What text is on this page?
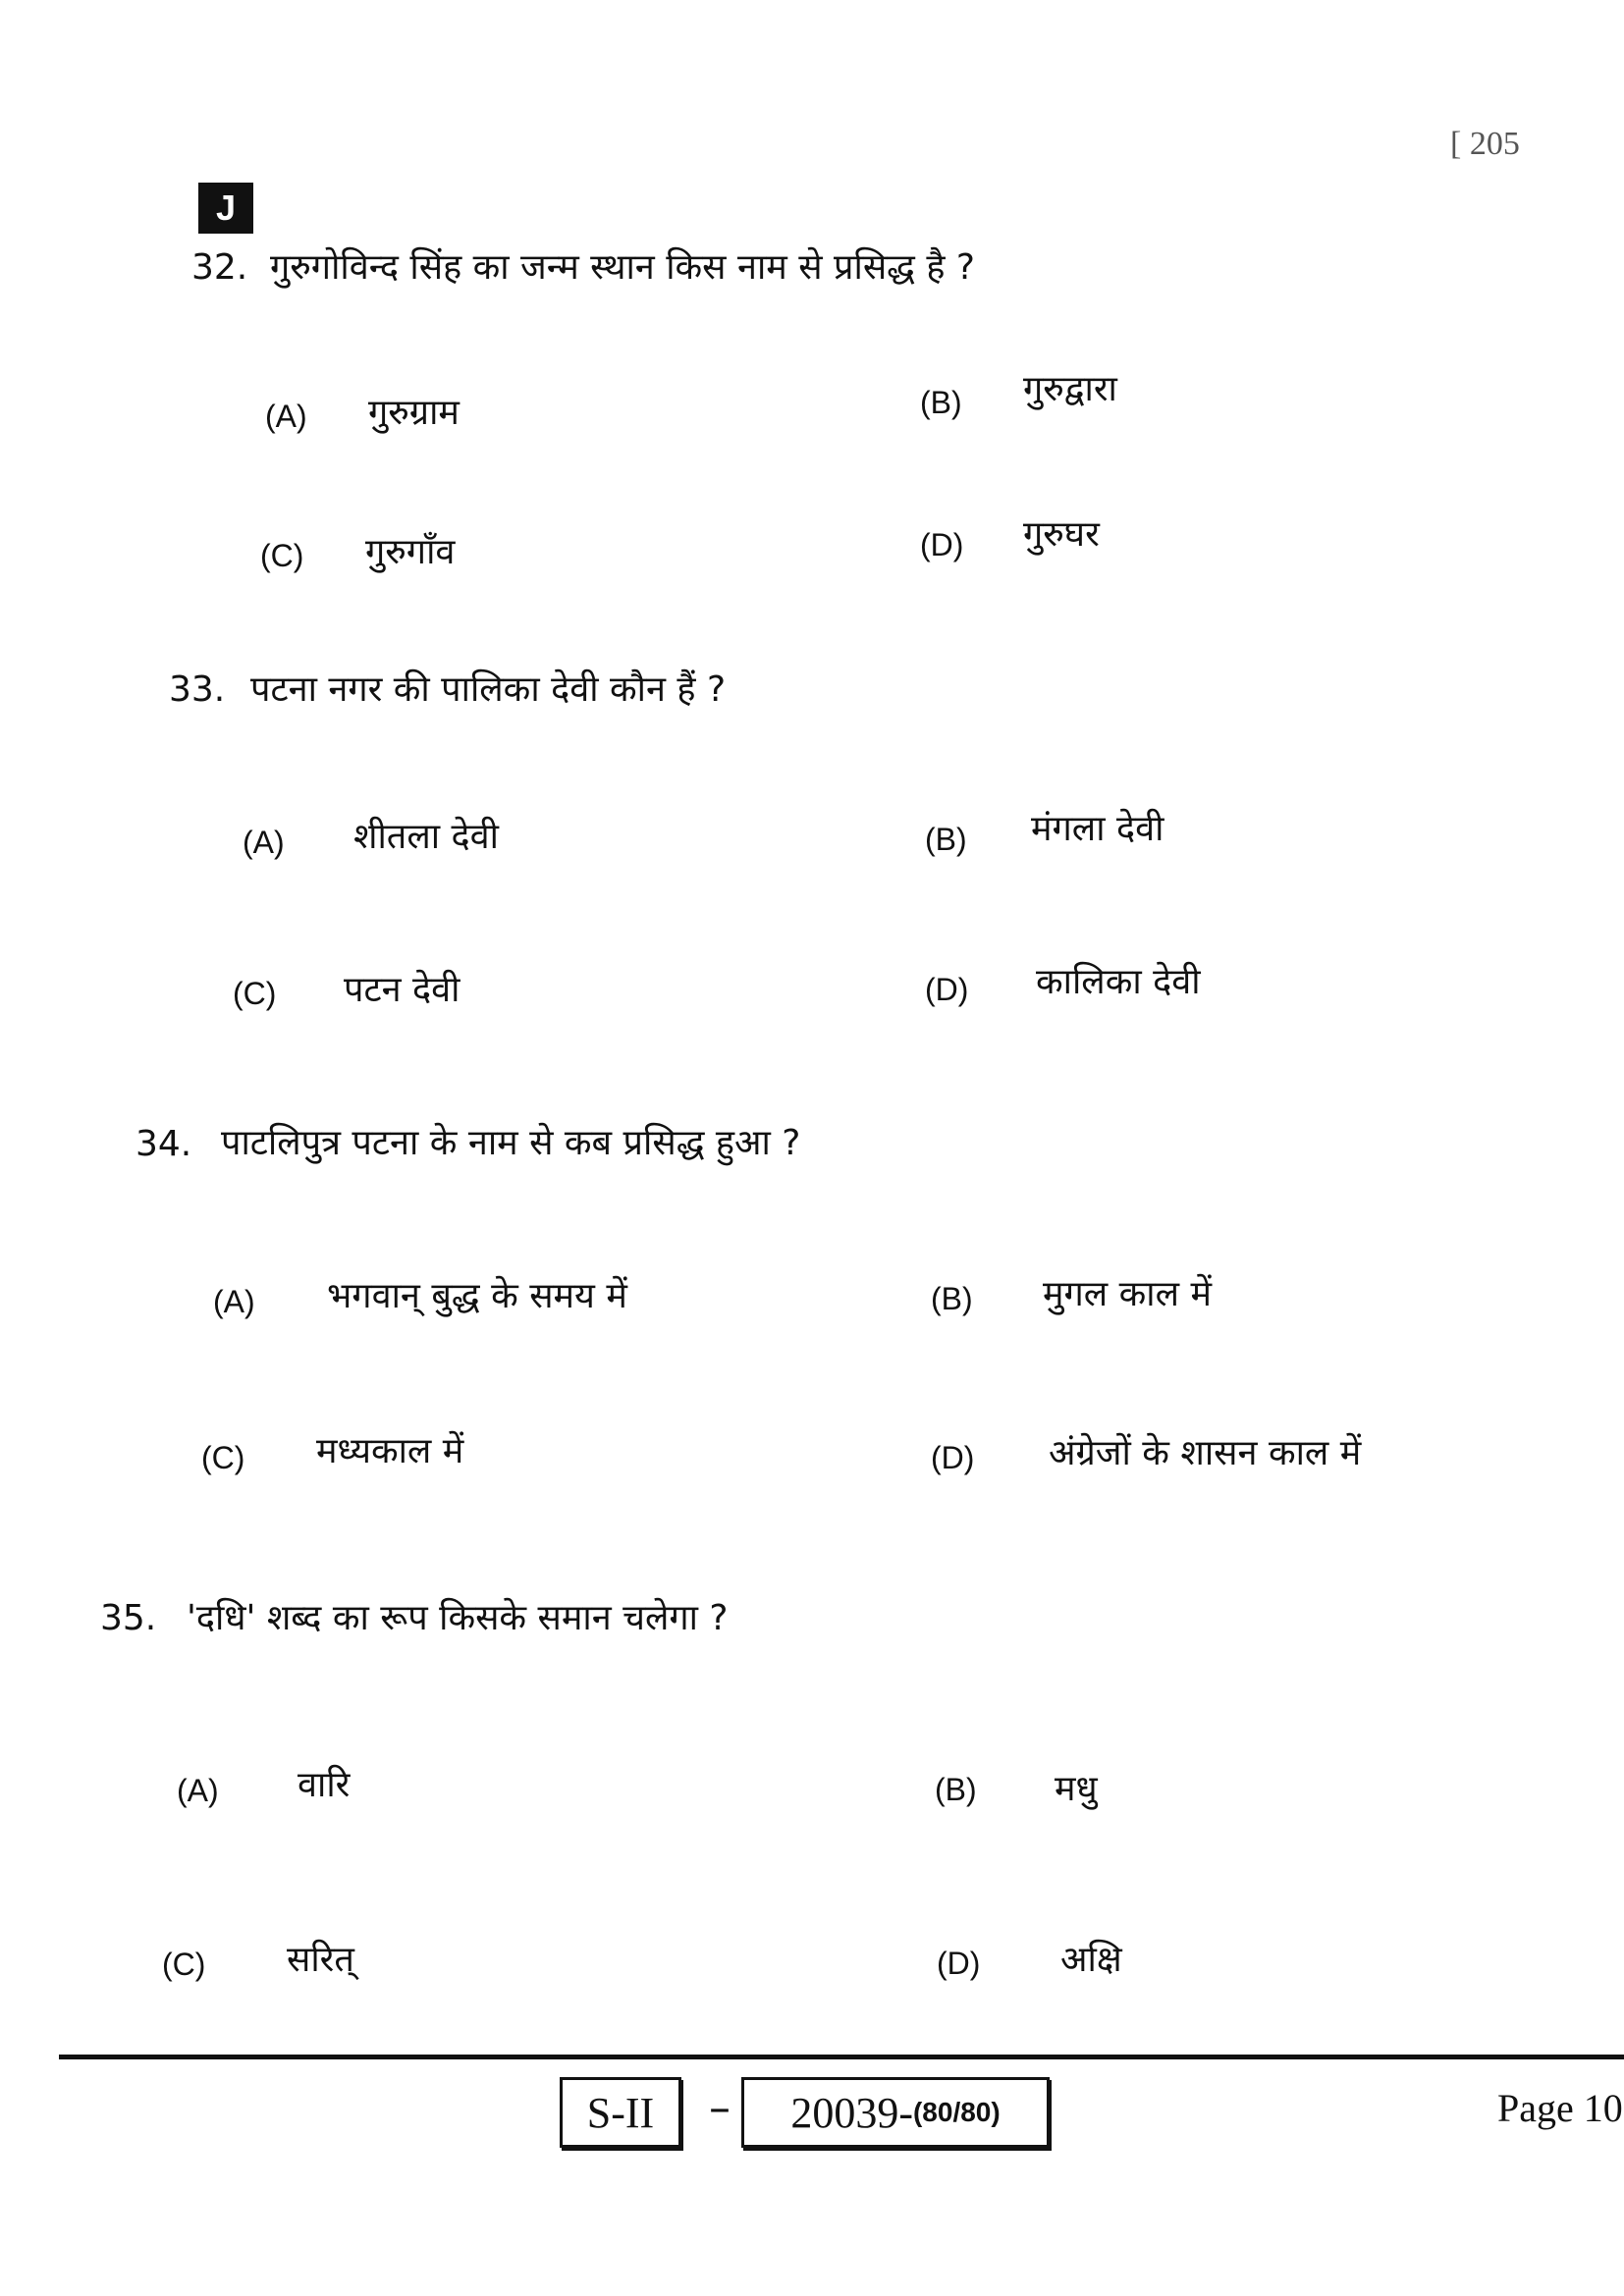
[ 205
J
32. गुरुगोविन्द सिंह का जन्म स्थान किस नाम से प्रसिद्ध है ?
(A) गुरुग्राम	(B) गुरुद्वारा
(C) गुरुगाँव	(D) गुरुघर
33. पटना नगर की पालिका देवी कौन हैं ?
(A) शीतला देवी	(B) मंगला देवी
(C) पटन देवी	(D) कालिका देवी
34. पाटलिपुत्र पटना के नाम से कब प्रसिद्ध हुआ ?
(A) भगवान् बुद्ध के समय में	(B) मुगल काल में
(C) मध्यकाल में	(D) अंग्रेजों के शासन काल में
35. 'दधि' शब्द का रूप किसके समान चलेगा ?
(A) वारि	(B) मधु
(C) सरित्	(D) अक्षि
S-II – 20039- (80/80)	Page 10
